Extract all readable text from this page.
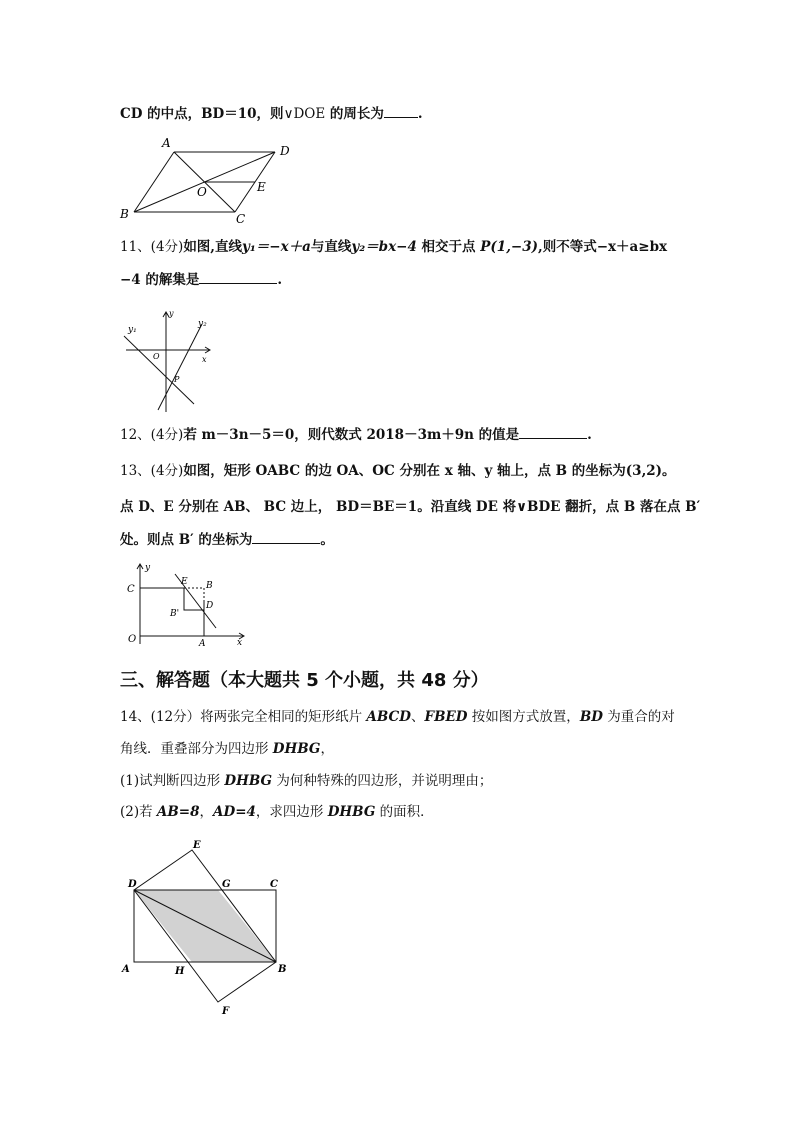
CD 的中点，BD＝10，则∨DOE 的周长为	.
A
D
B	C
O	E
11、(4分)如图,直线y₁＝−x＋a与直线y₂＝bx−4 相交于点 P(1,−3),则不等式−x＋a≥bx
−4 的解集是	.
y₁
y₂
y
x
O
P
12、(4分)若 m－3n－5＝0，则代数式 2018－3m＋9n 的值是	.
13、(4分)如图，矩形 OABC 的边 OA、OC 分别在 x 轴、y 轴上，点 B 的坐标为(3,2)。
点 D、E 分别在 AB、 BC 边上， BD＝BE＝1。沿直线 DE 将∨BDE 翻折，点 B 落在点 B′
处。则点 B′ 的坐标为	。
y
C
E B
D
B'
O	A	x
三、解答题（本大题共 5 个小题，共 48 分）
14、(12分）将两张完全相同的矩形纸片 ABCD、FBED 按如图方式放置，BD 为重合的对
角线．重叠部分为四边形 DHBG，
(1)试判断四边形 DHBG 为何种特殊的四边形，并说明理由；
(2)若 AB=8，AD=4，求四边形 DHBG 的面积．
E
D	G	C
A	H	B
F
